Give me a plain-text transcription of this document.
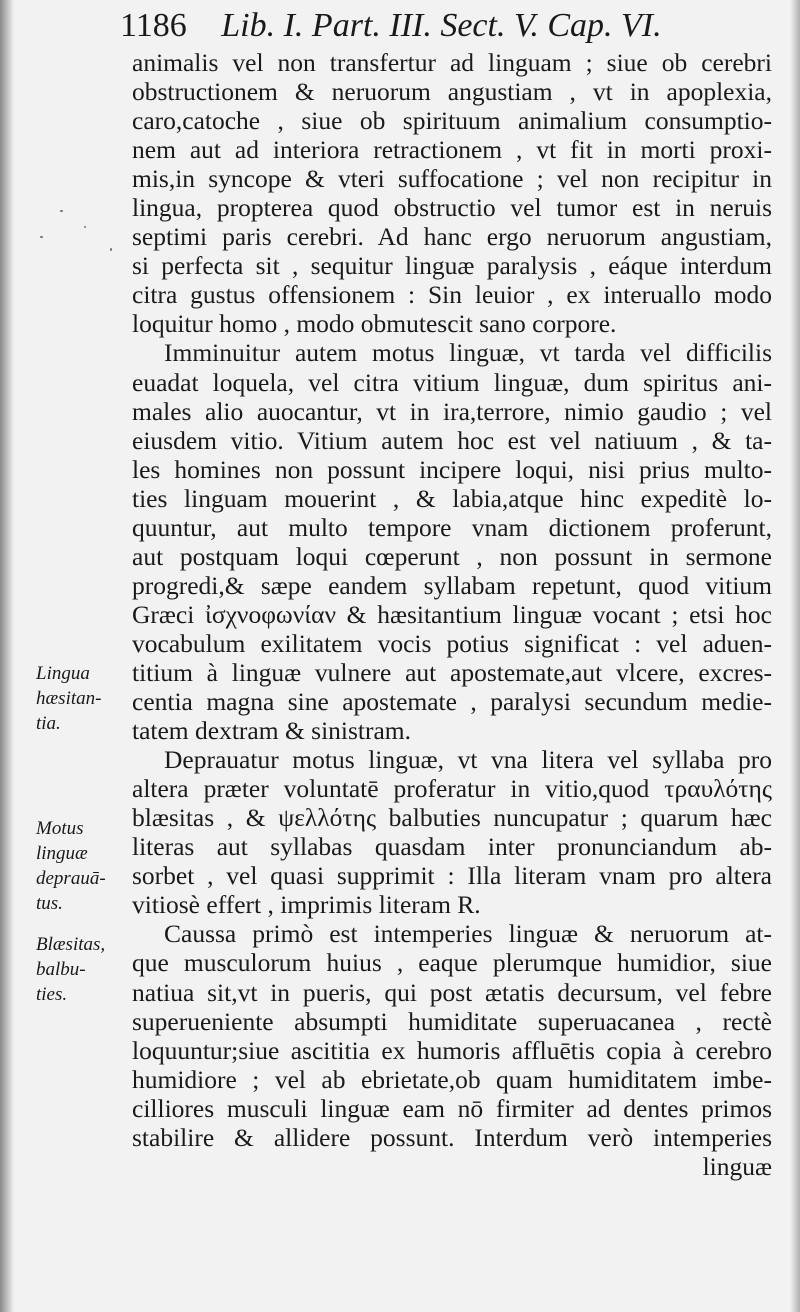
1186 Lib. I. Part. III. Sect. V. Cap. VI.
Lingua
hæsitan-
tia.
Motus
linguæ
deprauā-
tus.
Blæsitas,
balbu-
ties.
animalis vel non transfertur ad linguam ; siue ob cerebri
obstructionem & neruorum angustiam , vt in apoplexia,
caro,catoche , siue ob spirituum animalium consumptio-
nem aut ad interiora retractionem , vt fit in morti proxi-
mis,in syncope & vteri suffocatione ; vel non recipitur in
lingua, propterea quod obstructio vel tumor est in neruis
septimi paris cerebri. Ad hanc ergo neruorum angustiam,
si perfecta sit , sequitur linguæ paralysis , eáque interdum
citra gustus offensionem : Sin leuior , ex interuallo modo
loquitur homo , modo obmutescit sano corpore.
Imminuitur autem motus linguæ, vt tarda vel difficilis
euadat loquela, vel citra vitium linguæ, dum spiritus ani-
males alio auocantur, vt in ira,terrore, nimio gaudio ; vel
eiusdem vitio. Vitium autem hoc est vel natiuum , & ta-
les homines non possunt incipere loqui, nisi prius multo-
ties linguam mouerint , & labia,atque hinc expeditè lo-
quuntur, aut multo tempore vnam dictionem proferunt,
aut postquam loqui cœperunt , non possunt in sermone
progredi,& sæpe eandem syllabam repetunt, quod vitium
Græci ἰσχνοφωνίαν & hæsitantium linguæ vocant ; etsi hoc
vocabulum exilitatem vocis potius significat : vel aduen-
titium à linguæ vulnere aut apostemate,aut vlcere, excres-
centia magna sine apostemate , paralysi secundum medie-
tatem dextram & sinistram.
Deprauatur motus linguæ, vt vna litera vel syllaba pro
altera præter voluntatē proferatur in vitio,quod τραυλότης
blæsitas , & ψελλότης balbuties nuncupatur ; quarum hæc
literas aut syllabas quasdam inter pronunciandum ab-
sorbet , vel quasi supprimit : Illa literam vnam pro altera
vitiosè effert , imprimis literam R.
Caussa primò est intemperies linguæ & neruorum at-
que musculorum huius , eaque plerumque humidior, siue
natiua sit,vt in pueris, qui post ætatis decursum, vel febre
superueniente absumpti humiditate superuacanea , rectè
loquuntur;siue ascititia ex humoris affluētis copia à cerebro
humidiore ; vel ab ebrietate,ob quam humiditatem imbe-
cilliores musculi linguæ eam nō firmiter ad dentes primos
stabilire & allidere possunt. Interdum verò intemperies
linguæ
